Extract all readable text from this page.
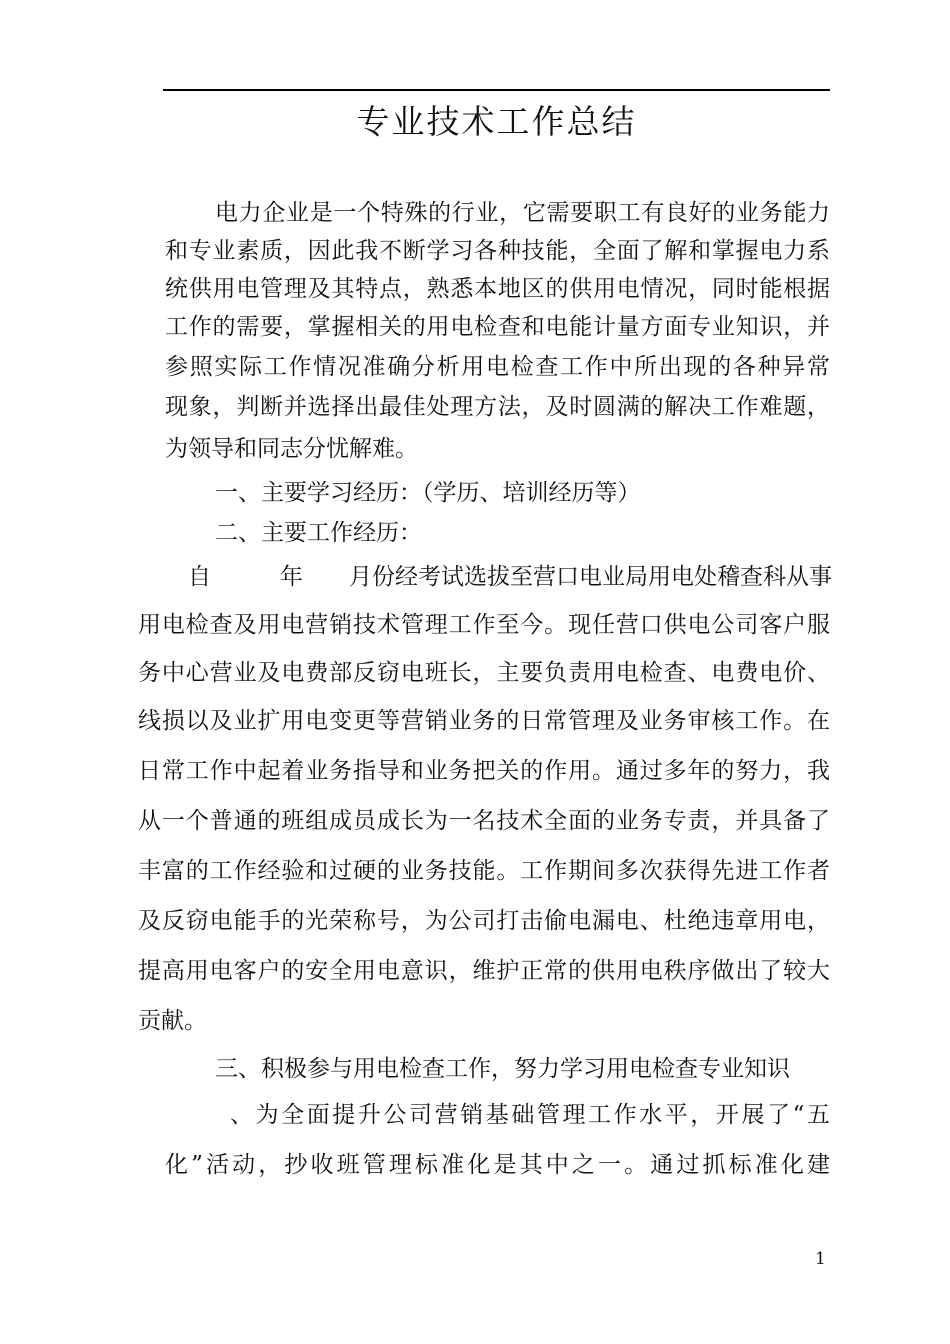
专业技术工作总结
电力企业是一个特殊的行业，它需要职工有良好的业务能力
和专业素质，因此我不断学习各种技能，全面了解和掌握电力系
统供用电管理及其特点，熟悉本地区的供用电情况，同时能根据
工作的需要，掌握相关的用电检查和电能计量方面专业知识，并
参照实际工作情况准确分析用电检查工作中所出现的各种异常
现象，判断并选择出最佳处理方法，及时圆满的解决工作难题，
为领导和同志分忧解难。
一、主要学习经历：（学历、培训经历等）
二、主要工作经历：
自　　　年　　月份经考试选拔至营口电业局用电处稽查科从事
用电检查及用电营销技术管理工作至今。现任营口供电公司客户服
务中心营业及电费部反窃电班长，主要负责用电检查、电费电价、
线损以及业扩用电变更等营销业务的日常管理及业务审核工作。在
日常工作中起着业务指导和业务把关的作用。通过多年的努力，我
从一个普通的班组成员成长为一名技术全面的业务专责，并具备了
丰富的工作经验和过硬的业务技能。工作期间多次获得先进工作者
及反窃电能手的光荣称号，为公司打击偷电漏电、杜绝违章用电，
提高用电客户的安全用电意识，维护正常的供用电秩序做出了较大
贡献。
三、积极参与用电检查工作，努力学习用电检查专业知识
、为全面提升公司营销基础管理工作水平，开展了“五
化”活动，抄收班管理标准化是其中之一。通过抓标准化建
1
